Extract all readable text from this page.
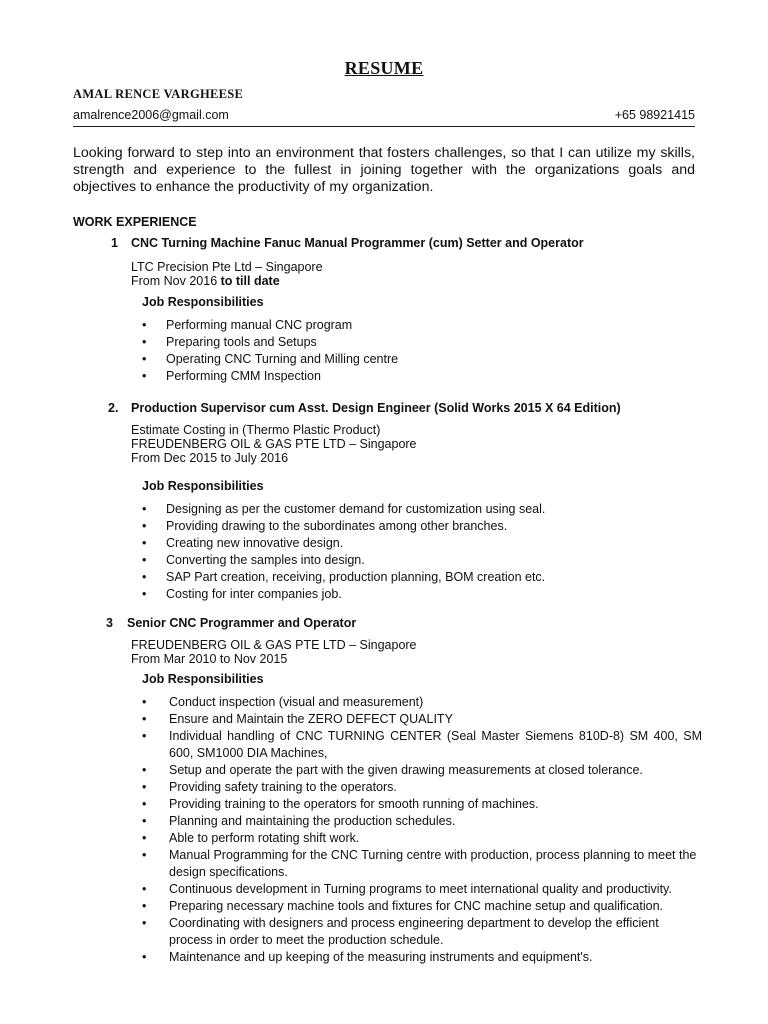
RESUME
AMAL RENCE VARGHEESE
amalrence2006@gmail.com	+65 98921415
Looking forward to step into an environment that fosters challenges, so that I can utilize my skills, strength and experience to the fullest in joining together with the organizations goals and objectives to enhance the productivity of my organization.
WORK EXPERIENCE
1 CNC Turning Machine Fanuc Manual Programmer (cum) Setter and Operator
LTC Precision Pte Ltd – Singapore
From Nov 2016 to till date
Job Responsibilities
• Performing manual CNC program
• Preparing tools and Setups
• Operating CNC Turning and Milling centre
• Performing CMM Inspection
2. Production Supervisor cum Asst. Design Engineer (Solid Works 2015 X 64 Edition)
Estimate Costing in (Thermo Plastic Product)
FREUDENBERG OIL & GAS PTE LTD – Singapore
From Dec 2015 to July 2016
Job Responsibilities
• Designing as per the customer demand for customization using seal.
• Providing drawing to the subordinates among other branches.
• Creating new innovative design.
• Converting the samples into design.
• SAP Part creation, receiving, production planning, BOM creation etc.
• Costing for inter companies job.
3 Senior CNC Programmer and Operator
FREUDENBERG OIL & GAS PTE LTD – Singapore
From Mar 2010 to Nov 2015
Job Responsibilities
• Conduct inspection (visual and measurement)
• Ensure and Maintain the ZERO DEFECT QUALITY
• Individual handling of CNC TURNING CENTER (Seal Master Siemens 810D-8) SM 400, SM 600, SM1000 DIA Machines,
• Setup and operate the part with the given drawing measurements at closed tolerance.
• Providing safety training to the operators.
• Providing training to the operators for smooth running of machines.
• Planning and maintaining the production schedules.
• Able to perform rotating shift work.
• Manual Programming for the CNC Turning centre with production, process planning to meet the design specifications.
• Continuous development in Turning programs to meet international quality and productivity.
• Preparing necessary machine tools and fixtures for CNC machine setup and qualification.
• Coordinating with designers and process engineering department to develop the efficient process in order to meet the production schedule.
• Maintenance and up keeping of the measuring instruments and equipment's.
